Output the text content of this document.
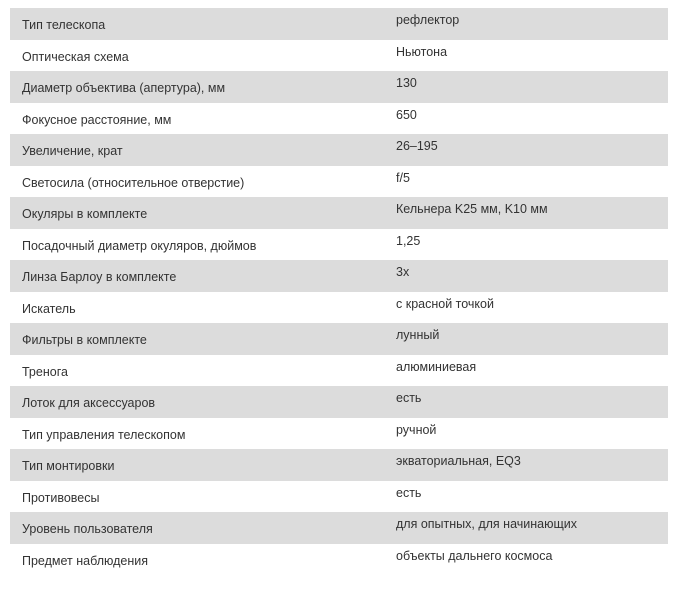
Тип телескопа	рефлектор
Оптическая схема	Ньютона
Диаметр объектива (апертура), мм	130
Фокусное расстояние, мм	650
Увеличение, крат	26–195
Светосила (относительное отверстие)	f/5
Окуляры в комплекте	Кельнера K25 мм, K10 мм
Посадочный диаметр окуляров, дюймов	1,25
Линза Барлоу в комплекте	3x
Искатель	с красной точкой
Фильтры в комплекте	лунный
Тренога	алюминиевая
Лоток для аксессуаров	есть
Тип управления телескопом	ручной
Тип монтировки	экваториальная, EQ3
Противовесы	есть
Уровень пользователя	для опытных, для начинающих
Предмет наблюдения	объекты дальнего космоса
